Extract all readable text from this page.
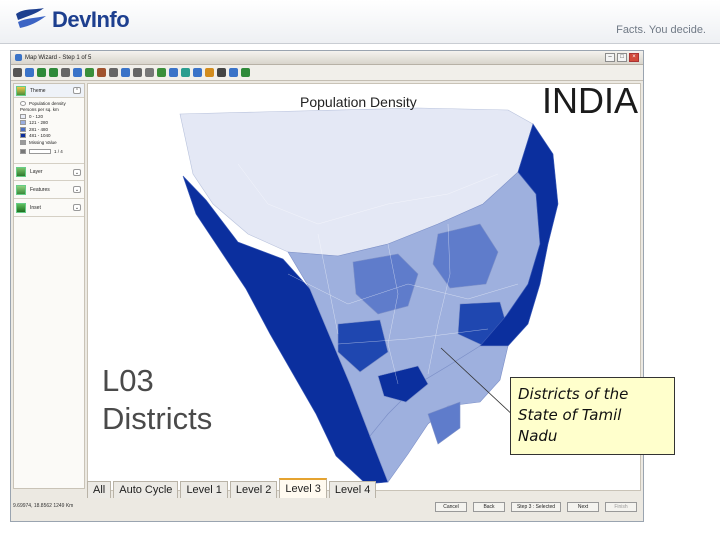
DevInfo	Facts. You decide.
Map Wizard - Step 1 of 5	–	□	×
Theme	⌃
Population density
Persons per sq. km
0 - 120
121 - 280
281 - 480
481 - 1040
Missing Value
1 / 4
Layer	⌄
Features	⌄
Inset	⌄
Population Density	INDIA
All	Auto Cycle	Level 1	Level 2	Level 3	Level 4
9.69974, 18.8562 1249 Km	Cancel	Back	Step 3 : Selected	Next	Finish
L03
Districts
Districts of the
State of Tamil
Nadu
